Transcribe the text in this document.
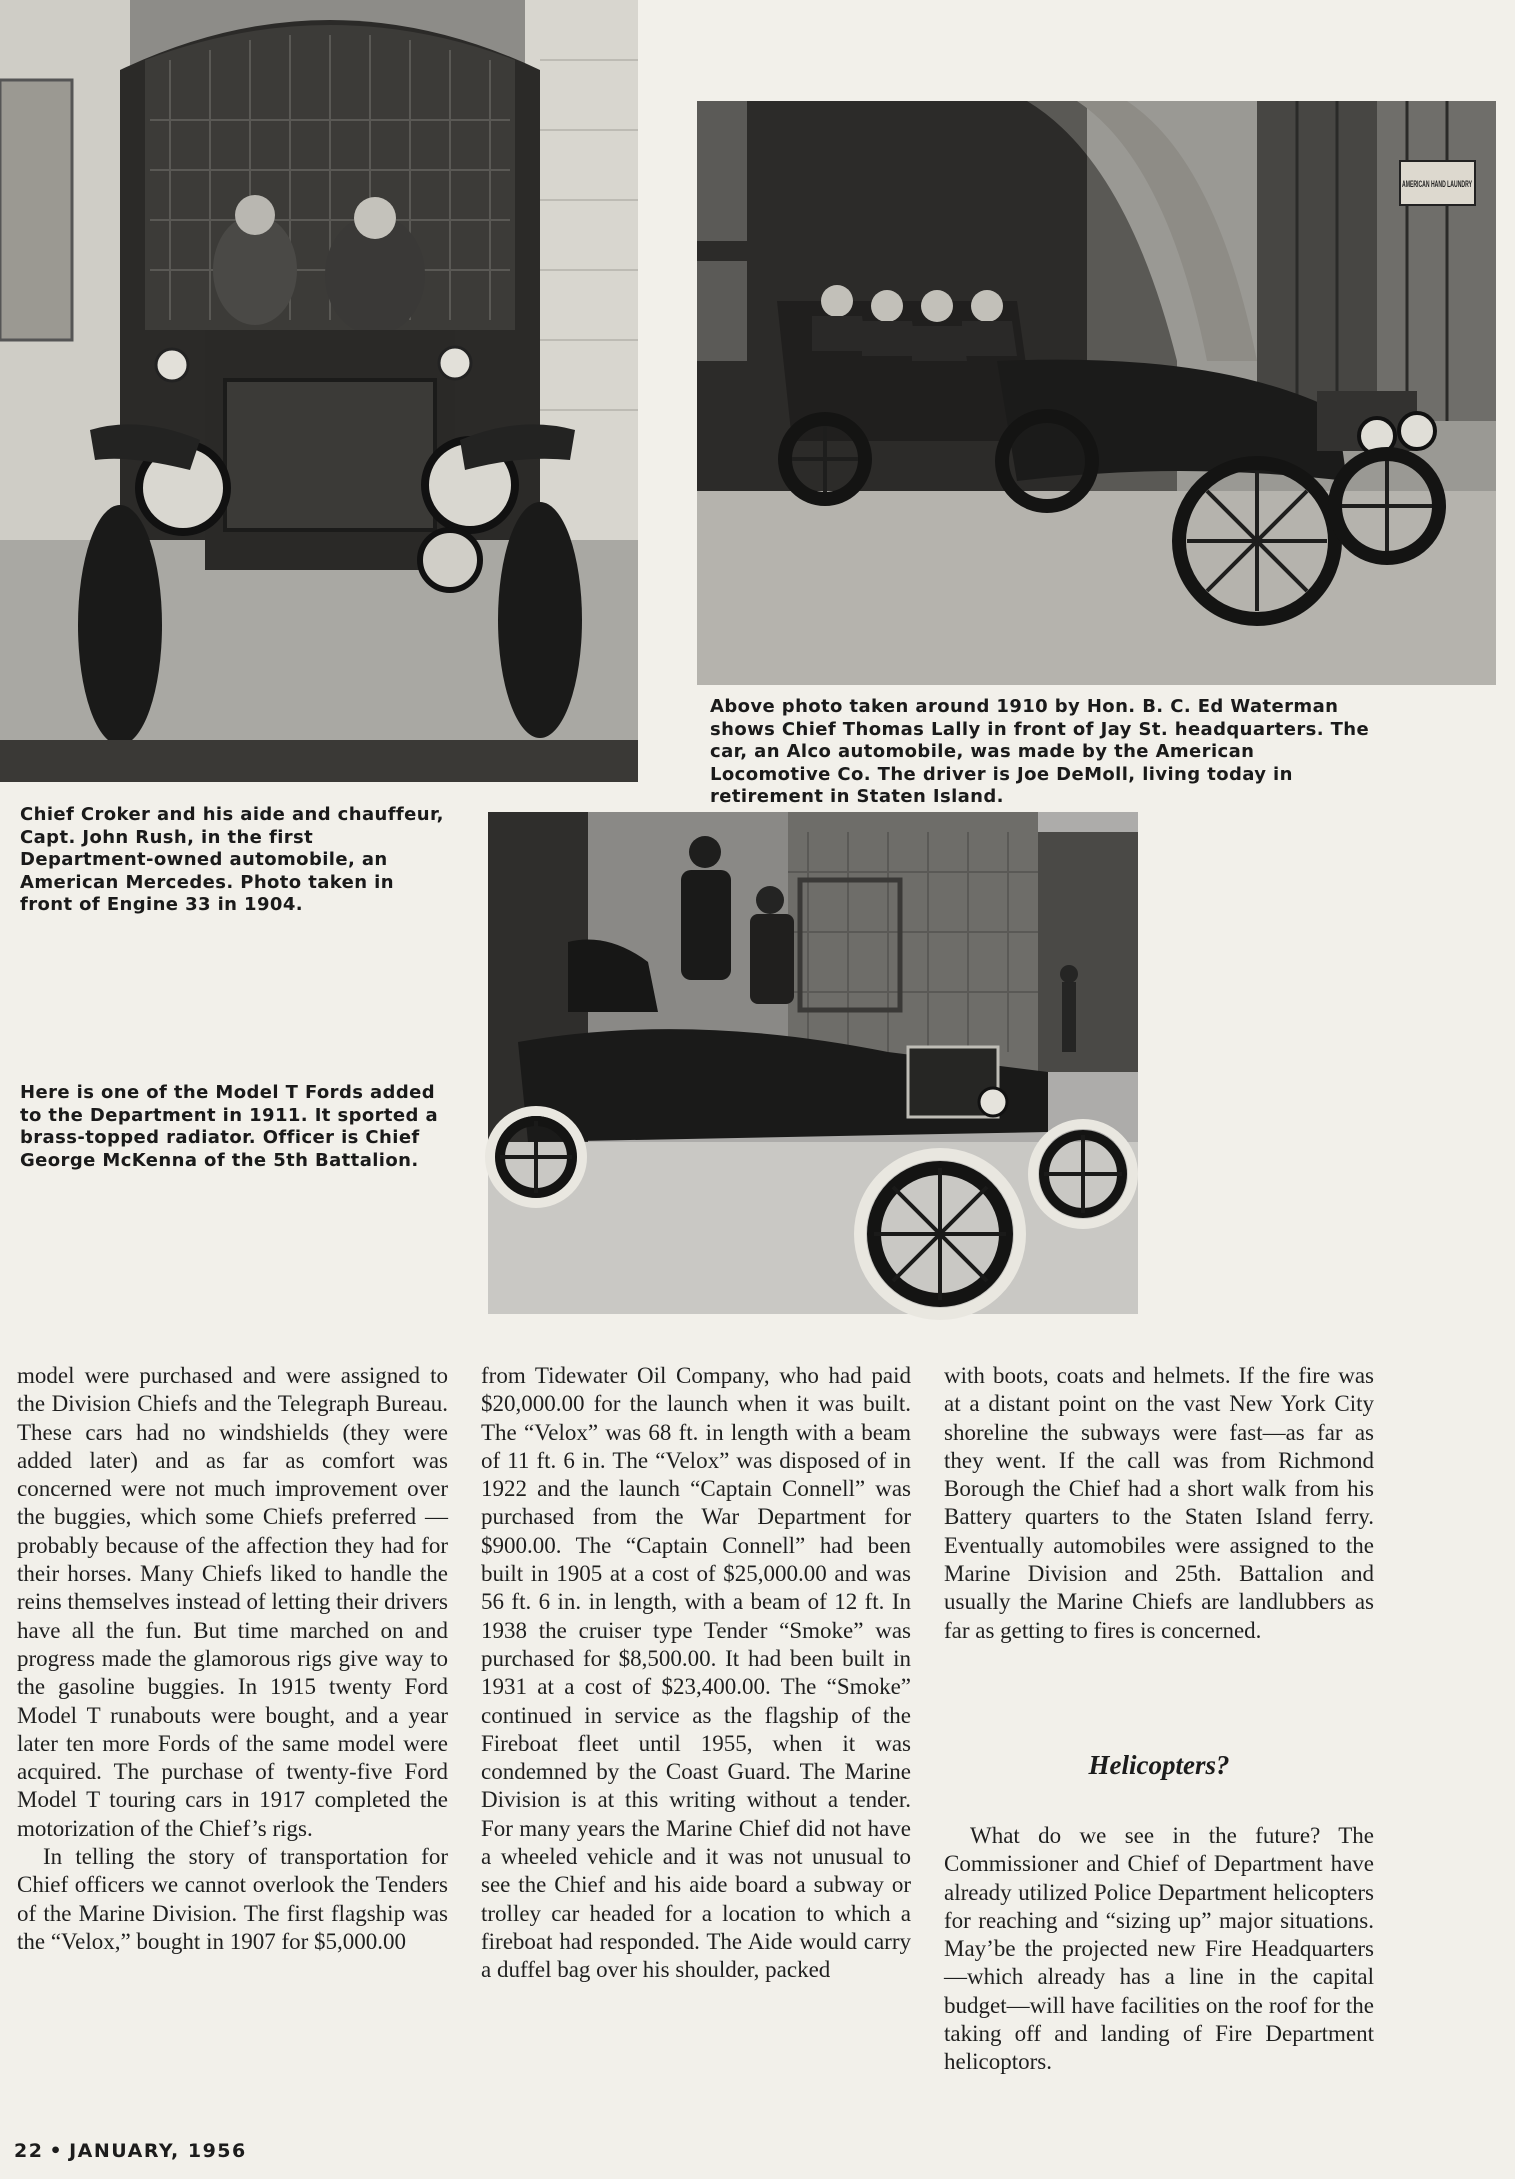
AMERICAN HAND LAUNDRY

Chief Croker and his aide and chauffeur, Capt. John Rush, in the first Department-owned automobile, an American Mercedes. Photo taken in front of Engine 33 in 1904.

Above photo taken around 1910 by Hon. B. C. Ed Waterman shows Chief Thomas Lally in front of Jay St. headquarters. The car, an Alco automobile, was made by the American Locomotive Co. The driver is Joe DeMoll, living today in retirement in Staten Island.

Here is one of the Model T Fords added to the Department in 1911. It sported a brass-topped radiator. Officer is Chief George McKenna of the 5th Battalion.

model were purchased and were assigned to the Division Chiefs and the Telegraph Bureau. These cars had no windshields (they were added later) and as far as comfort was concerned were not much improvement over the buggies, which some Chiefs preferred —probably because of the affection they had for their horses. Many Chiefs liked to handle the reins themselves instead of letting their drivers have all the fun. But time marched on and progress made the glamorous rigs give way to the gasoline buggies. In 1915 twenty Ford Model T runabouts were bought, and a year later ten more Fords of the same model were acquired. The purchase of twenty-five Ford Model T touring cars in 1917 completed the motorization of the Chief’s rigs.

In telling the story of transportation for Chief officers we cannot overlook the Tenders of the Marine Division. The first flagship was the “Velox,” bought in 1907 for $5,000.00

from Tidewater Oil Company, who had paid $20,000.00 for the launch when it was built. The “Velox” was 68 ft. in length with a beam of 11 ft. 6 in. The “Velox” was disposed of in 1922 and the launch “Captain Connell” was purchased from the War Department for $900.00. The “Captain Connell” had been built in 1905 at a cost of $25,000.00 and was 56 ft. 6 in. in length, with a beam of 12 ft. In 1938 the cruiser type Tender “Smoke” was purchased for $8,500.00. It had been built in 1931 at a cost of $23,400.00. The “Smoke” continued in service as the flagship of the Fireboat fleet until 1955, when it was condemned by the Coast Guard. The Marine Division is at this writing without a tender. For many years the Marine Chief did not have a wheeled vehicle and it was not unusual to see the Chief and his aide board a subway or trolley car headed for a location to which a fireboat had responded. The Aide would carry a duffel bag over his shoulder, packed

with boots, coats and helmets. If the fire was at a distant point on the vast New York City shoreline the subways were fast—as far as they went. If the call was from Richmond Borough the Chief had a short walk from his Battery quarters to the Staten Island ferry. Eventually automobiles were assigned to the Marine Division and 25th. Battalion and usually the Marine Chiefs are landlubbers as far as getting to fires is concerned.

Helicopters?

What do we see in the future? The Commissioner and Chief of Department have already utilized Police Department helicopters for reaching and “sizing up” major situations. May’be the projected new Fire Headquarters —which already has a line in the capital budget—will have facilities on the roof for the taking off and landing of Fire Department helicoptors.

22 • JANUARY, 1956
